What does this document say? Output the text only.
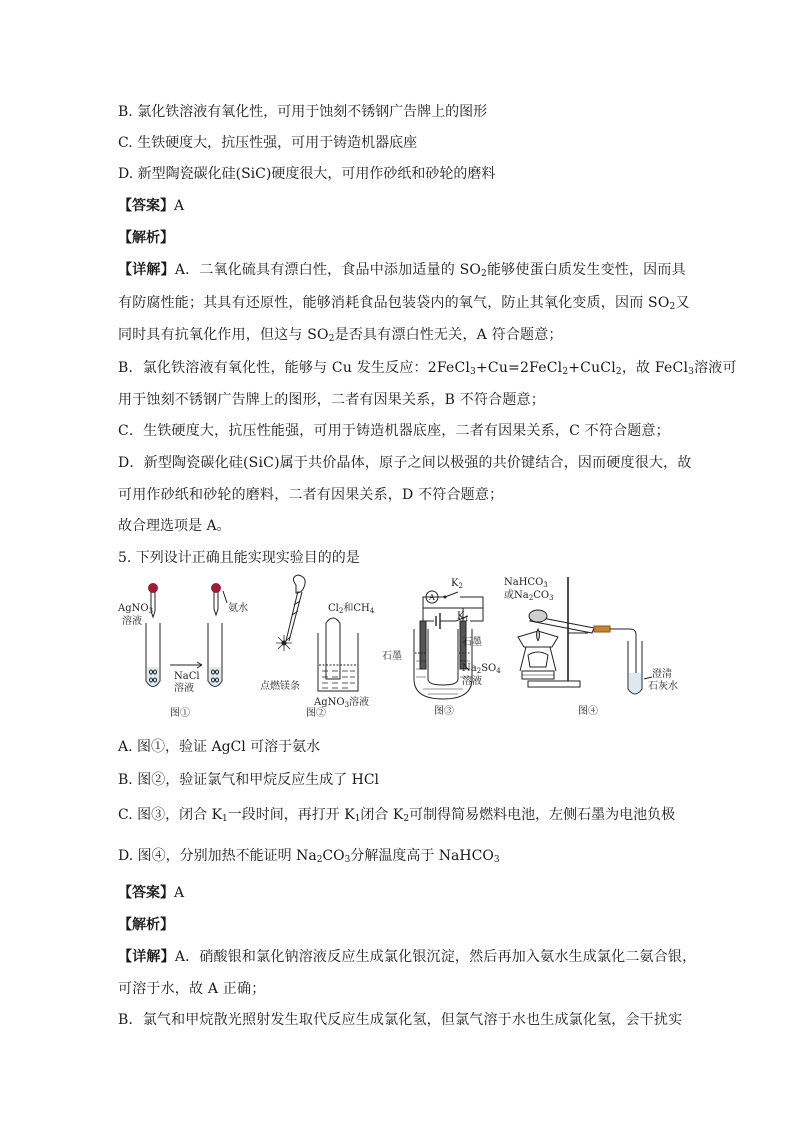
B. 氯化铁溶液有氧化性，可用于蚀刻不锈钢广告牌上的图形
C. 生铁硬度大，抗压性强，可用于铸造机器底座
D. 新型陶瓷碳化硅(SiC)硬度很大，可用作砂纸和砂轮的磨料
【答案】A
【解析】
【详解】A．二氧化硫具有漂白性，食品中添加适量的 $SO_2$能够使蛋白质发生变性，因而具
有防腐性能；其具有还原性，能够消耗食品包装袋内的氧气，防止其氧化变质，因而 $SO_2$又
同时具有抗氧化作用，但这与 $SO_2$是否具有漂白性无关，A 符合题意；
B．氯化铁溶液有氧化性，能够与 Cu 发生反应：2FeCl$_3$+Cu=2FeCl$_2$+CuCl$_2$，故 FeCl$_3$溶液可
用于蚀刻不锈钢广告牌上的图形，二者有因果关系，B 不符合题意；
C．生铁硬度大，抗压性能强，可用于铸造机器底座，二者有因果关系，C 不符合题意；
D．新型陶瓷碳化硅(SiC)属于共价晶体，原子之间以极强的共价键结合，因而硬度很大，故
可用作砂纸和砂轮的磨料，二者有因果关系，D 不符合题意；
故合理选项是 A。
5. 下列设计正确且能实现实验目的的是
AgNO$_3$
溶液
氨水
NaCl
溶液
图①
$Cl_2$和$CH_4$
点燃镁条
AgNO$_3$溶液
图②
A
$K_2$
$K_1$
石墨
石墨
$Na_2SO_4$
溶液
图③
NaHCO$_3$
或$Na_2CO_3$
澄清
石灰水
图④
A. 图①，验证 AgCl 可溶于氨水
B. 图②，验证氯气和甲烷反应生成了 HCl
C. 图③，闭合 $K_1$一段时间，再打开 $K_1$闭合 $K_2$可制得简易燃料电池，左侧石墨为电池负极
D. 图④，分别加热不能证明 $Na_2CO_3$分解温度高于 NaHCO$_3$
【答案】A
【解析】
【详解】A．硝酸银和氯化钠溶液反应生成氯化银沉淀，然后再加入氨水生成氯化二氨合银，
可溶于水，故 A 正确；
B．氯气和甲烷散光照射发生取代反应生成氯化氢，但氯气溶于水也生成氯化氢，会干扰实
